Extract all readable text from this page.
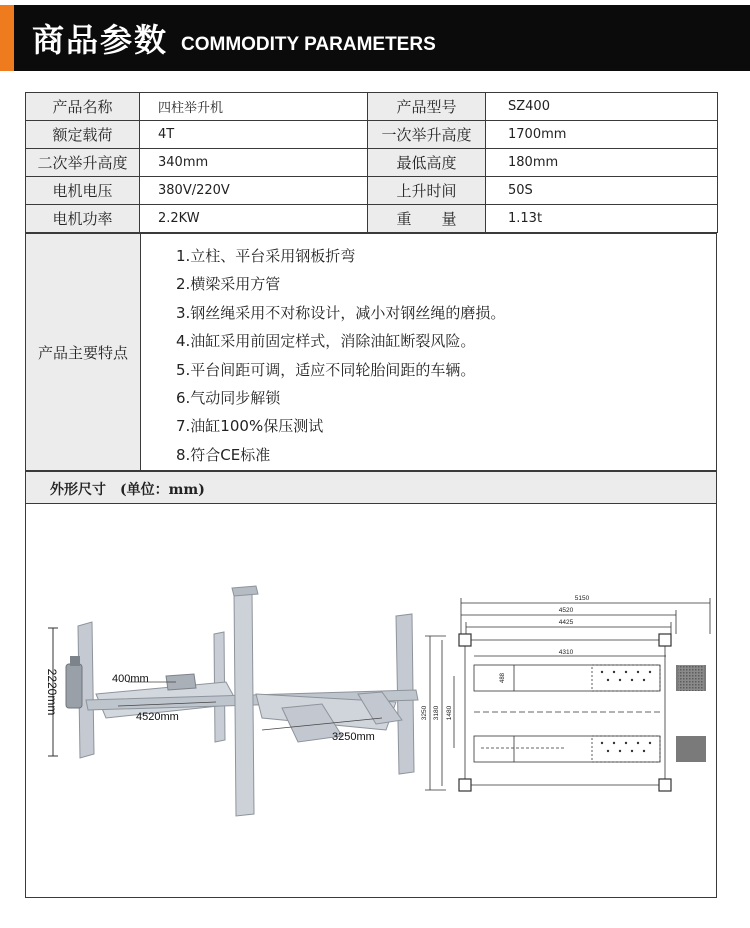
商品参数 COMMODITY PARAMETERS
产品名称	四柱举升机	产品型号	SZ400
额定载荷	4T	一次举升高度	1700mm
二次举升高度	340mm	最低高度	180mm
电机电压	380V/220V	上升时间	50S
电机功率	2.2KW	重　　量	1.13t
产品主要特点
1.立柱、平台采用钢板折弯
2.横梁采用方管
3.钢丝绳采用不对称设计，减小对钢丝绳的磨损。
4.油缸采用前固定样式，消除油缸断裂风险。
5.平台间距可调，适应不同轮胎间距的车辆。
6.气动同步解锁
7.油缸100%保压测试
8.符合CE标准
外形尺寸　(单位：mm)
2220mm	400mm
4520mm
3250mm
5150
4520
4425
4310
3250 3180 1480
488
